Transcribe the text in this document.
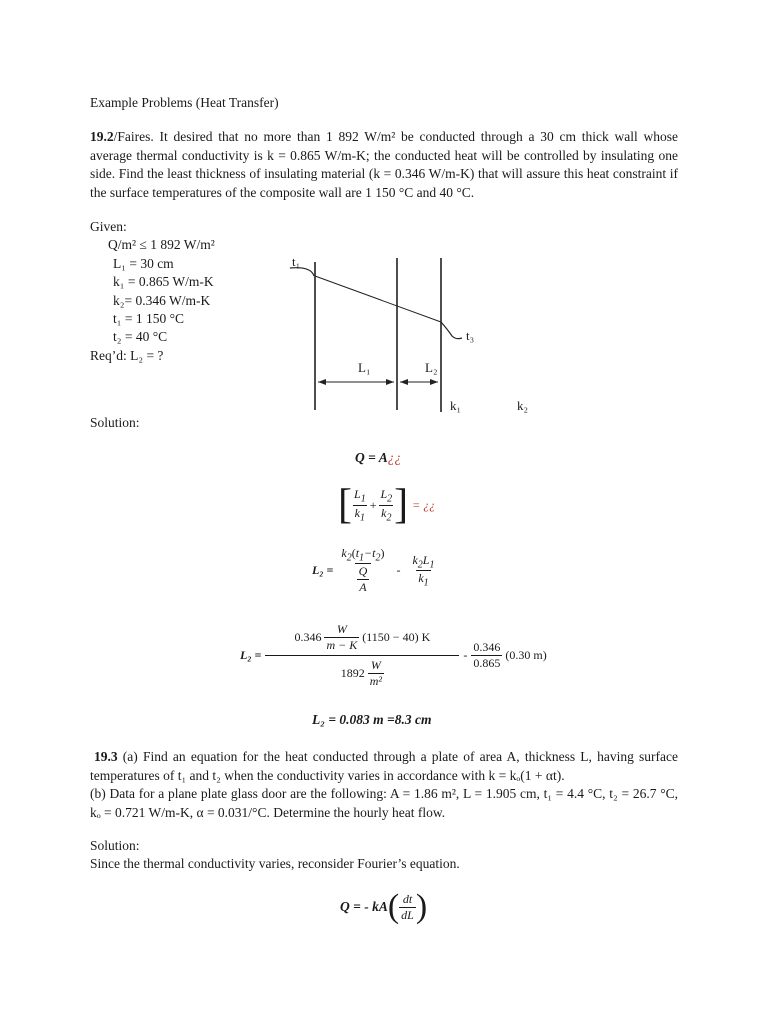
Example Problems (Heat Transfer)
19.2/Faires. It desired that no more than 1 892 W/m² be conducted through a 30 cm thick wall whose average thermal conductivity is k = 0.865 W/m-K; the conducted heat will be controlled by insulating one side. Find the least thickness of insulating material (k = 0.346 W/m-K) that will assure this heat constraint if the surface temperatures of the composite wall are 1 150 °C and 40 °C.
Given:
Q/m² ≤ 1 892 W/m²
L₁ = 30 cm
k₁ = 0.865 W/m-K
k₂= 0.346 W/m-K
t₁ = 1 150 °C
t₂ = 40 °C
Req’d: L₂ = ?
t₁
t₃
L₁	L₂
k₁	k₂
Solution:
Q = A¿¿
[ $\frac{L_1}{k_1} + \frac{L_2}{k_2}$ ] = ¿¿
$L_2 = k_2(t_1-t_2)$
Q
A - $\frac{k_2L_1}{k_1}$
$L_2 = \frac{0.346 \frac{W}{m - K} (1150 - 40) K}{1892 \frac{W}{\text{m²}}} - \frac{0.346}{0.865} (0.30$ m)
L₂ = 0.083 m =8.3 cm
19.3 (a) Find an equation for the heat conducted through a plate of area A, thickness L, having surface temperatures of t₁ and t₂ when the conductivity varies in accordance with k = kₒ(1 + αt).
(b) Data for a plane plate glass door are the following: A = 1.86 m², L = 1.905 cm, t₁ = 4.4 °C, t₂ = 26.7 °C, kₒ = 0.721 W/m-K, α = 0.031/°C. Determine the hourly heat flow.
Solution:
Since the thermal conductivity varies, reconsider Fourier’s equation.
Q = - kA ( $\frac{dt}{dL}$ )
